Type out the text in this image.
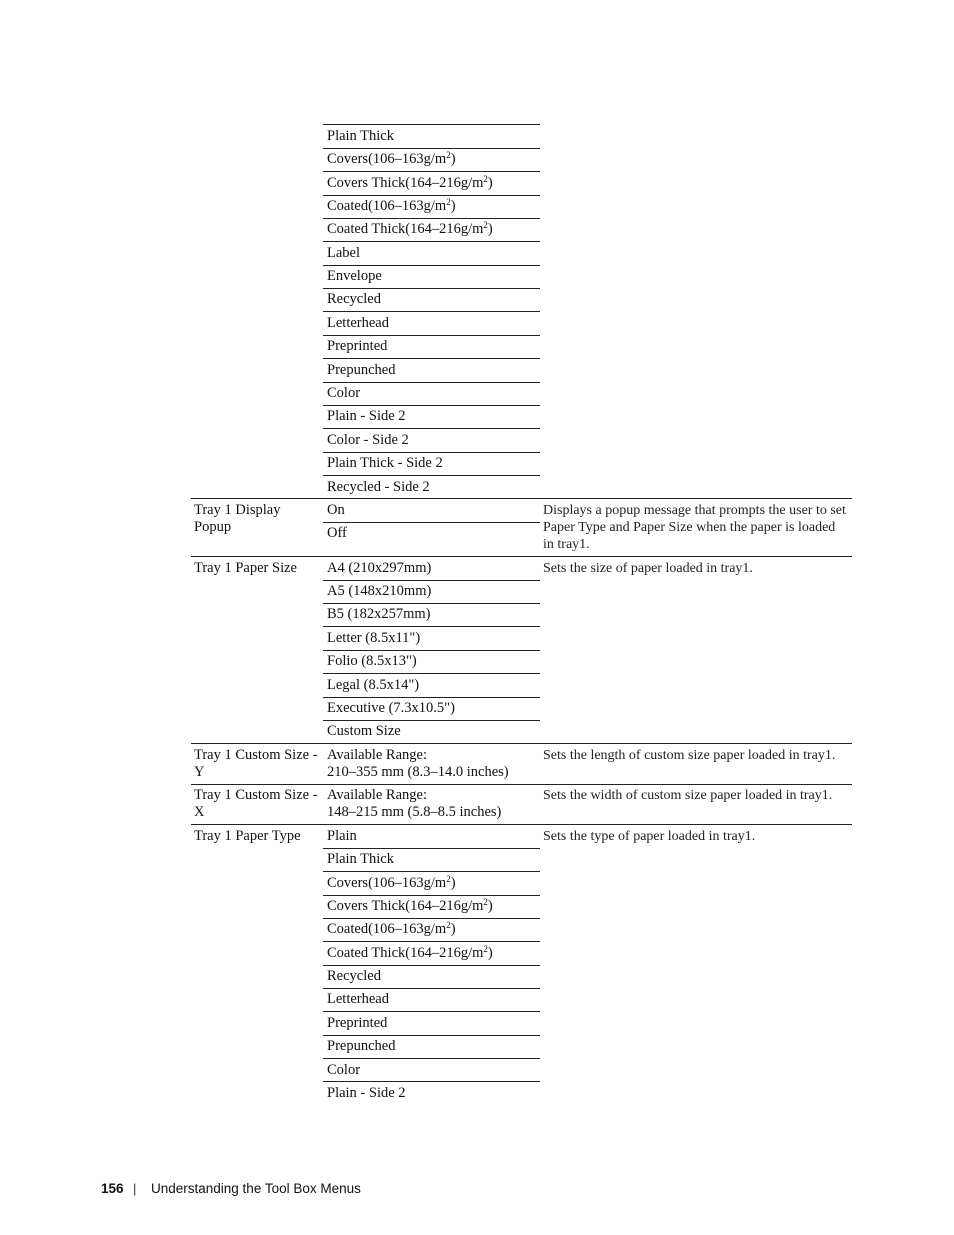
Plain Thick
$Covers(106-163g/m^2)$
Covers $Thick(164-216g/m^2)$
$Coated(106-163g/m^2)$
Coated $Thick(164-216g/m^2)$
Label
Envelope
Recycled
Letterhead
Preprinted
Prepunched
Color
Plain - Side 2
Color - Side 2
Plain Thick - Side 2
Recycled - Side 2
Tray 1 Display Popup
On
Off
Displays a popup message that prompts the user to set Paper Type and Paper Size when the paper is loaded in tray1.
Tray 1 Paper Size	Sets the size of paper loaded in tray1.
A4 (210x297mm)
A5 (148x210mm)
B5 (182x257mm)
Letter (8.5x11")
Folio (8.5x13")
Legal (8.5x14")
Executive (7.3x10.5")
Custom Size
Tray 1 Custom Size -
Y
Available Range:
210–355 mm (8.3–14.0 inches)
Sets the length of custom size paper loaded in tray1.
Tray 1 Custom Size -
X
Available Range:
148–215 mm (5.8–8.5 inches)
Sets the width of custom size paper loaded in tray1.
Tray 1 Paper Type	Sets the type of paper loaded in tray1.
Plain
Plain Thick
$Covers(106-163g/m^2)$
Covers $Thick(164-216g/m^2)$
$Coated(106-163g/m^2)$
Coated $Thick(164-216g/m^2)$
Recycled
Letterhead
Preprinted
Prepunched
Color
Plain - Side 2
156 | Understanding the Tool Box Menus
